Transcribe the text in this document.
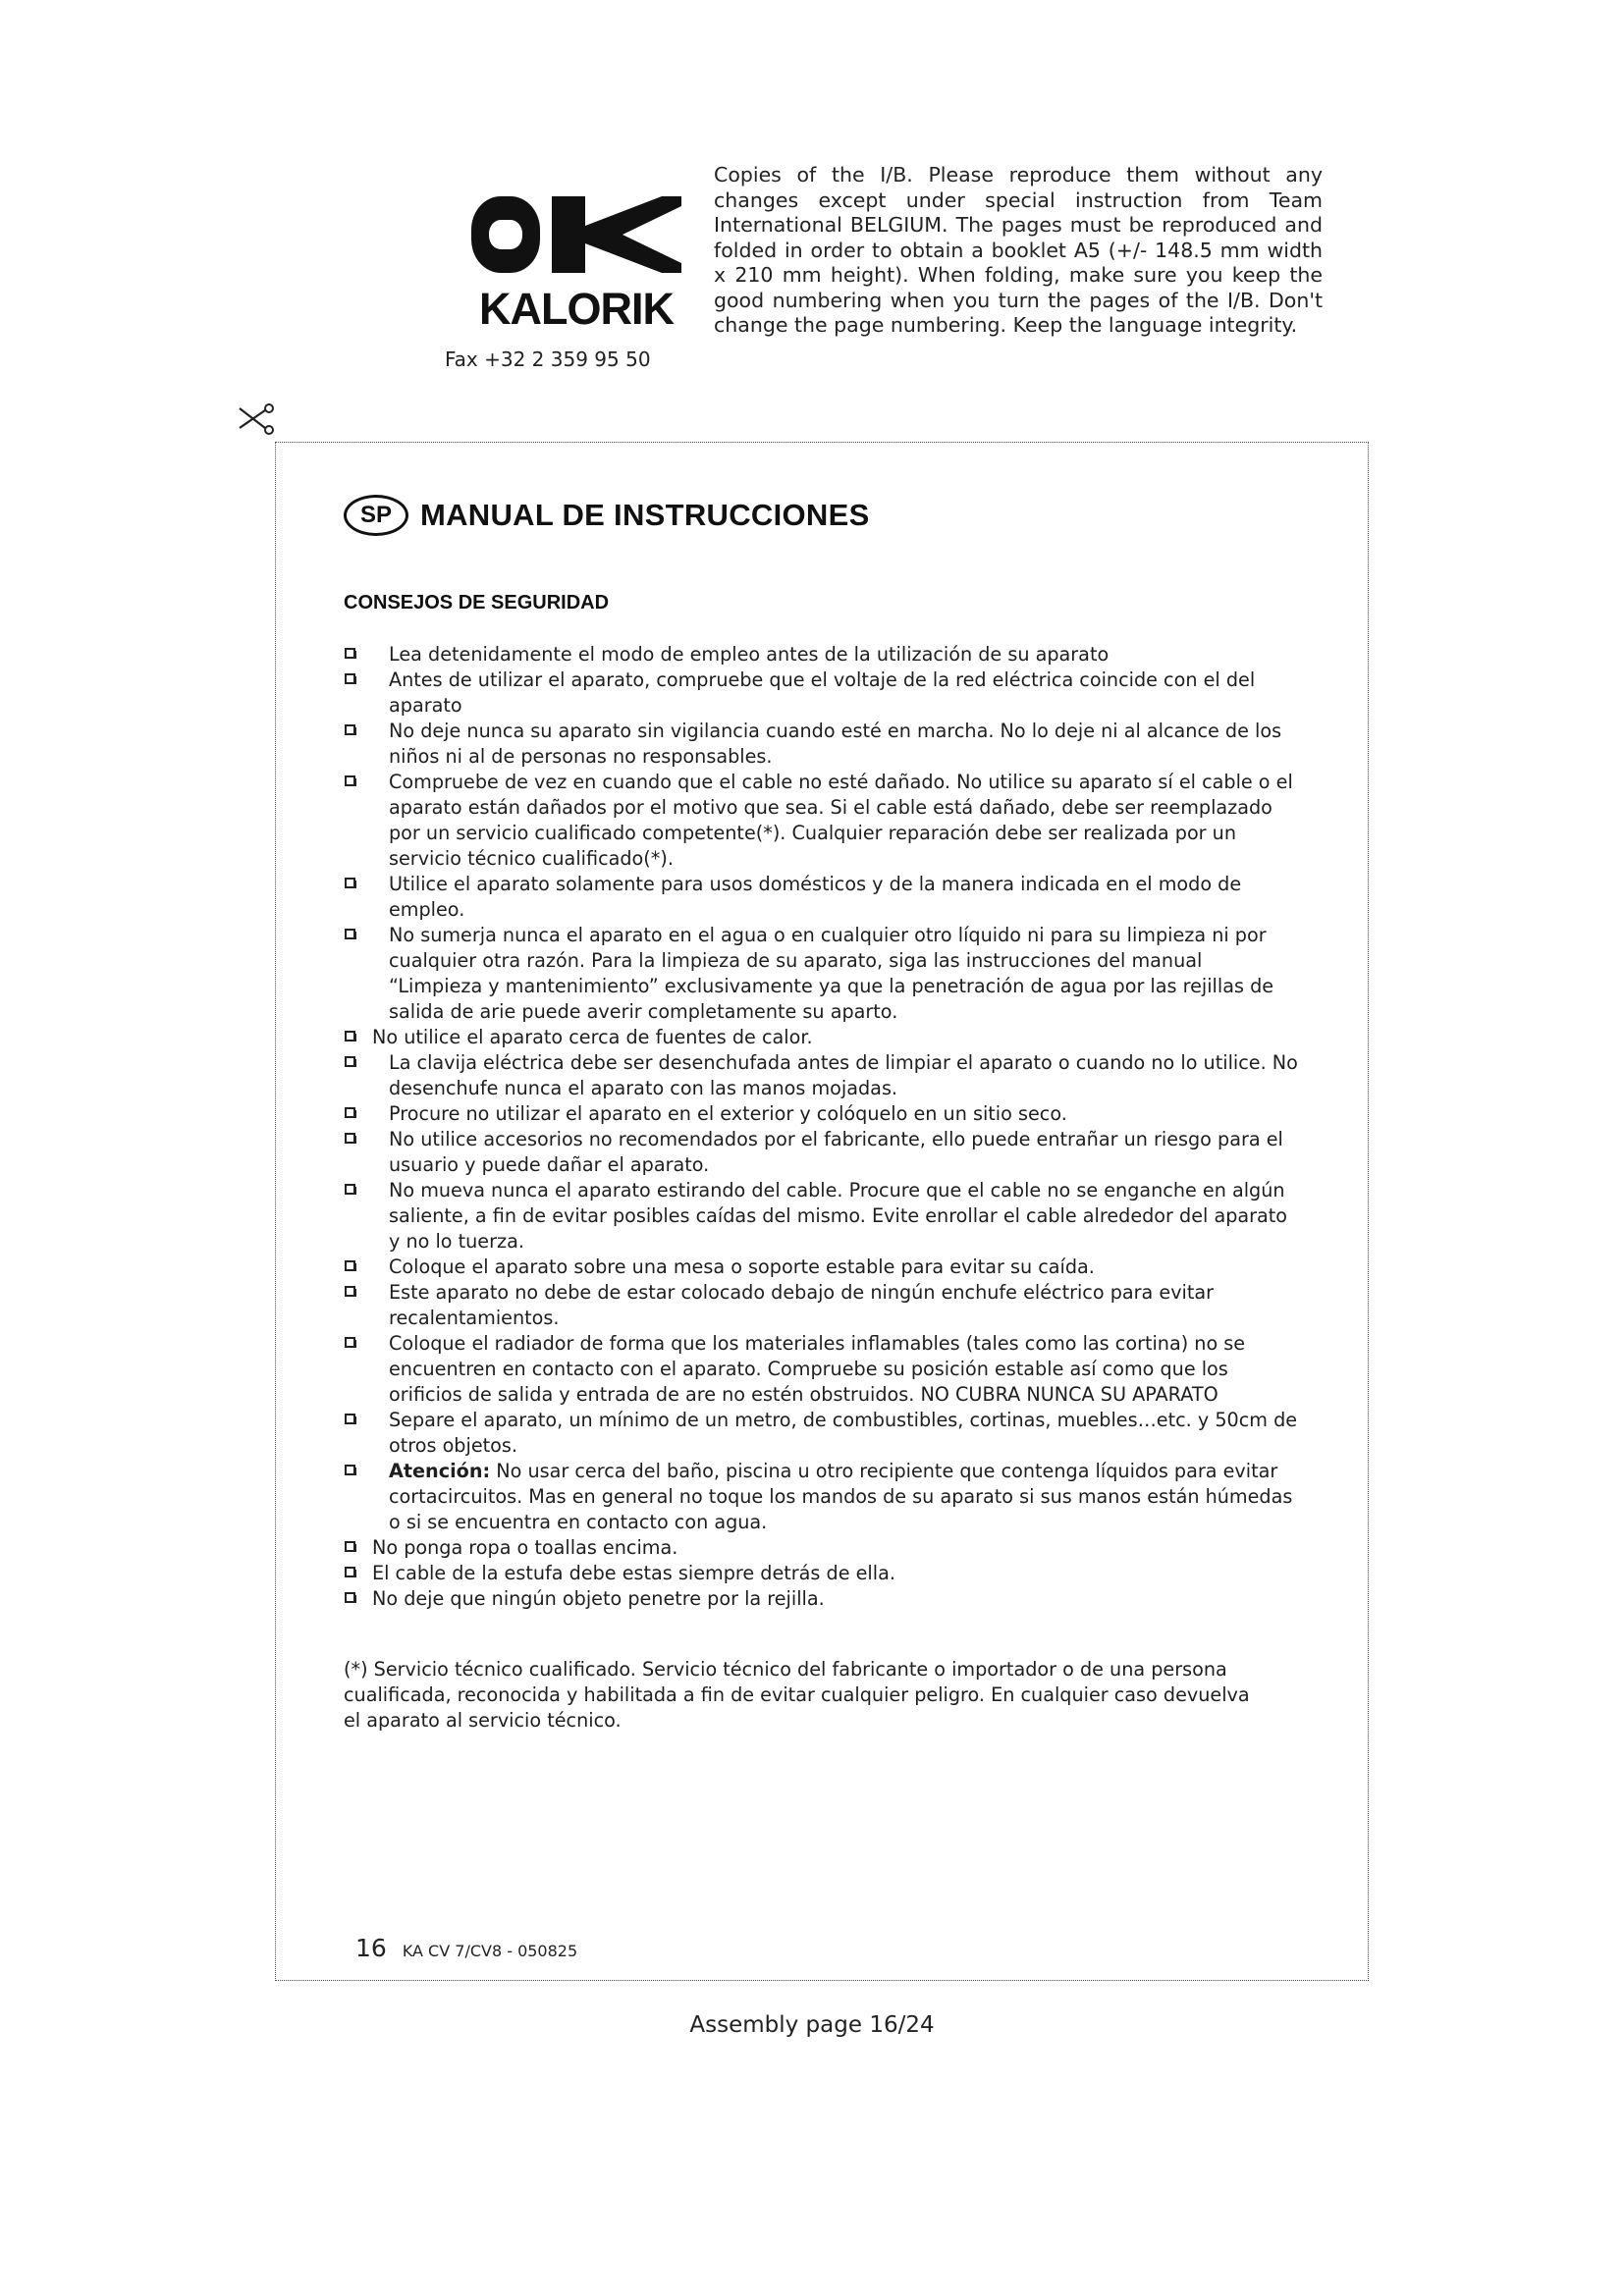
Copies of the I/B. Please reproduce them without any changes except under special instruction from Team International BELGIUM. The pages must be reproduced and folded in order to obtain a booklet A5 (+/- 148.5 mm width x 210 mm height). When folding, make sure you keep the good numbering when you turn the pages of the I/B. Don't change the page numbering. Keep the language integrity.
KALORIK
Fax +32 2 359 95 50
SP MANUAL DE INSTRUCCIONES
CONSEJOS DE SEGURIDAD
Lea detenidamente el modo de empleo antes de la utilización de su aparato
Antes de utilizar el aparato, compruebe que el voltaje de la red eléctrica coincide con el del aparato
No deje nunca su aparato sin vigilancia cuando esté en marcha. No lo deje ni al alcance de los niños ni al de personas no responsables.
Compruebe de vez en cuando que el cable no esté dañado. No utilice su aparato sí el cable o el aparato están dañados por el motivo que sea. Si el cable está dañado, debe ser reemplazado por un servicio cualificado competente(*). Cualquier reparación debe ser realizada por un servicio técnico cualificado(*).
Utilice el aparato solamente para usos domésticos y de la manera indicada en el modo de empleo.
No sumerja nunca el aparato en el agua o en cualquier otro líquido ni para su limpieza ni por cualquier otra razón. Para la limpieza de su aparato, siga las instrucciones del manual “Limpieza y mantenimiento” exclusivamente ya que la penetración de agua por las rejillas de salida de arie puede averir completamente su aparto.
No utilice el aparato cerca de fuentes de calor.
La clavija eléctrica debe ser desenchufada antes de limpiar el aparato o cuando no lo utilice. No desenchufe nunca el aparato con las manos mojadas.
Procure no utilizar el aparato en el exterior y colóquelo en un sitio seco.
No utilice accesorios no recomendados por el fabricante, ello puede entrañar un riesgo para el usuario y puede dañar el aparato.
No mueva nunca el aparato estirando del cable. Procure que el cable no se enganche en algún saliente, a fin de evitar posibles caídas del mismo. Evite enrollar el cable alrededor del aparato y no lo tuerza.
Coloque el aparato sobre una mesa o soporte estable para evitar su caída.
Este aparato no debe de estar colocado debajo de ningún enchufe eléctrico para evitar recalentamientos.
Coloque el radiador de forma que los materiales inflamables (tales como las cortina) no se encuentren en contacto con el aparato. Compruebe su posición estable así como que los orificios de salida y entrada de are no estén obstruidos. NO CUBRA NUNCA SU APARATO
Separe el aparato, un mínimo de un metro, de combustibles, cortinas, muebles…etc. y 50cm de otros objetos.
Atención: No usar cerca del baño, piscina u otro recipiente que contenga líquidos para evitar cortacircuitos. Mas en general no toque los mandos de su aparato si sus manos están húmedas o si se encuentra en contacto con agua.
No ponga ropa o toallas encima.
El cable de la estufa debe estas siempre detrás de ella.
No deje que ningún objeto penetre por la rejilla.
(*) Servicio técnico cualificado. Servicio técnico del fabricante o importador o de una persona cualificada, reconocida y habilitada a fin de evitar cualquier peligro. En cualquier caso devuelva el aparato al servicio técnico.
16 KA CV 7/CV8 - 050825
Assembly page 16/24
